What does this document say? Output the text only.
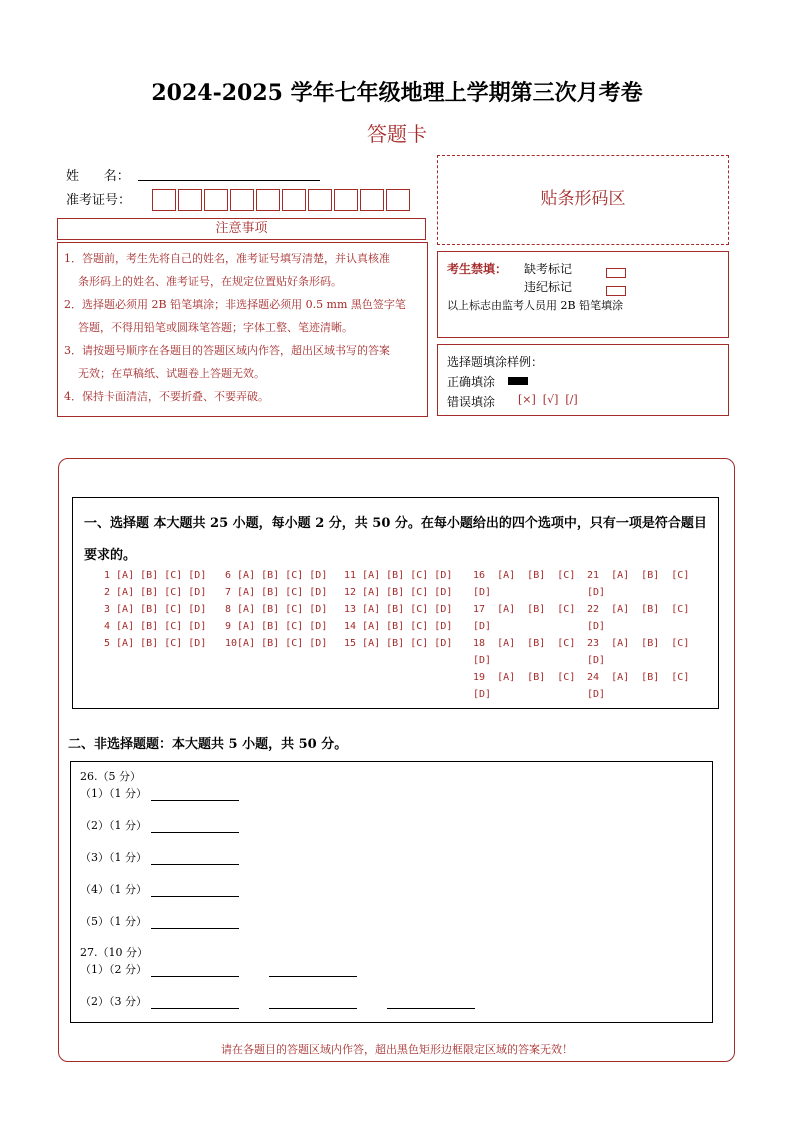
2024-2025 学年七年级地理上学期第三次月考卷
答题卡
姓      名：
准考证号：
注意事项
1．答题前，考生先将自己的姓名，准考证号填写清楚，并认真核准
条形码上的姓名、准考证号，在规定位置贴好条形码。
2．选择题必须用 2B 铅笔填涂；非选择题必须用 0.5 mm 黑色签字笔
答题，不得用铅笔或圆珠笔答题；字体工整、笔迹清晰。
3．请按题号顺序在各题目的答题区域内作答，超出区域书写的答案
无效；在草稿纸、试题卷上答题无效。
4．保持卡面清洁，不要折叠、不要弄破。
贴条形码区
考生禁填： 缺考标记
违纪标记
以上标志由监考人员用 2B 铅笔填涂
选择题填涂样例：
正确填涂
错误填涂 [×]  [√]  [/]
一、选择题 本大题共 25 小题，每小题 2 分，共 50 分。在每小题给出的四个选项中，只有一项是符合题目要求的。
1 [A] [B] [C] [D]
2 [A] [B] [C] [D]
3 [A] [B] [C] [D]
4 [A] [B] [C] [D]
5 [A] [B] [C] [D]
6 [A] [B] [C] [D]
7 [A] [B] [C] [D]
8 [A] [B] [C] [D]
9 [A] [B] [C] [D]
10[A] [B] [C] [D]
11 [A] [B] [C] [D]
12 [A] [B] [C] [D]
13 [A] [B] [C] [D]
14 [A] [B] [C] [D]
15 [A] [B] [C] [D]
16  [A]  [B]  [C]
[D]
17  [A]  [B]  [C]
[D]
18  [A]  [B]  [C]
[D]
19  [A]  [B]  [C]
[D]
21  [A]  [B]  [C]
[D]
22  [A]  [B]  [C]
[D]
23  [A]  [B]  [C]
[D]
24  [A]  [B]  [C]
[D]
二、非选择题题：本大题共 5 小题，共 50 分。
26.（5 分）
（1）（1 分）
（2）（1 分）
（3）（1 分）
（4）（1 分）
（5）（1 分）
27.（10 分）
（1）（2 分）
（2）（3 分）
请在各题目的答题区域内作答，超出黑色矩形边框限定区域的答案无效！
